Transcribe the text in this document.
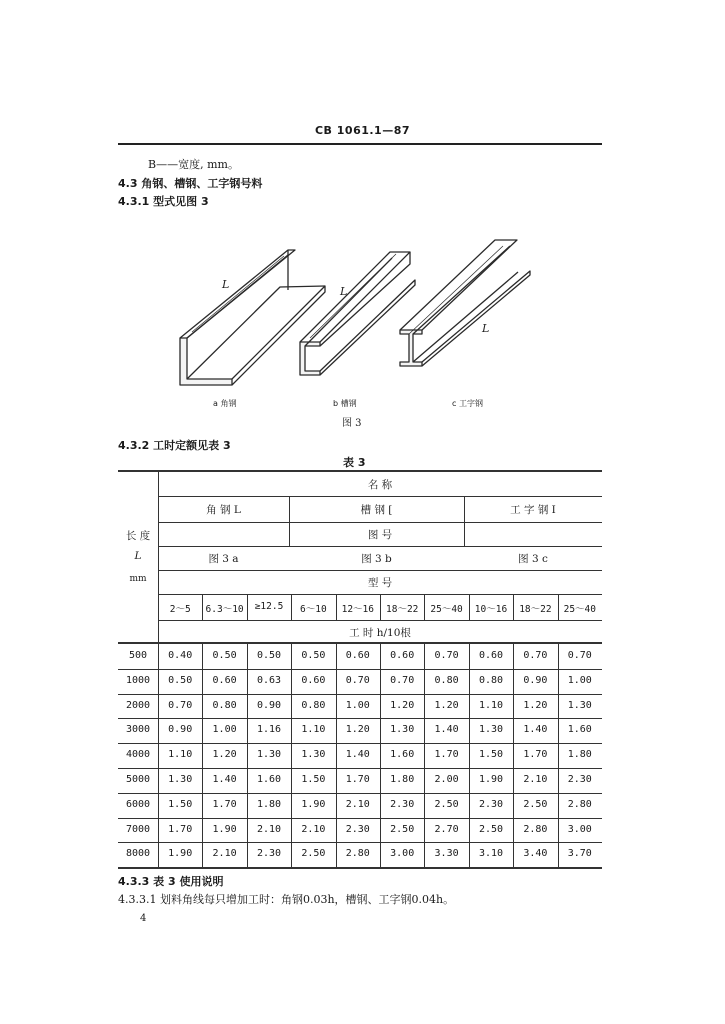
CB 1061.1—87
B——宽度, mm。
4.3 角钢、槽钢、工字钢号料
4.3.1 型式见图 3
L
L
L
a 角钢	b 槽钢	c 工字钢
图 3
4.3.2 工时定额见表 3
表 3
名 称
角 钢 L	槽 钢 [	工 字 钢 I
图 号
图 3 a	图 3 b	图 3 c
型 号
工 时 h/10根
长 度
L
mm
2～5	6.3～10	≥12.5	6～10	12～16	18～22	25～40	10～16	18～22	25～40
500	0.40	0.50	0.50	0.50	0.60	0.60	0.70	0.60	0.70	0.70
1000	0.50	0.60	0.63	0.60	0.70	0.70	0.80	0.80	0.90	1.00
2000	0.70	0.80	0.90	0.80	1.00	1.20	1.20	1.10	1.20	1.30
3000	0.90	1.00	1.16	1.10	1.20	1.30	1.40	1.30	1.40	1.60
4000	1.10	1.20	1.30	1.30	1.40	1.60	1.70	1.50	1.70	1.80
5000	1.30	1.40	1.60	1.50	1.70	1.80	2.00	1.90	2.10	2.30
6000	1.50	1.70	1.80	1.90	2.10	2.30	2.50	2.30	2.50	2.80
7000	1.70	1.90	2.10	2.10	2.30	2.50	2.70	2.50	2.80	3.00
8000	1.90	2.10	2.30	2.50	2.80	3.00	3.30	3.10	3.40	3.70
4.3.3 表 3 使用说明
4.3.3.1 划料角线每只增加工时：角钢0.03h，槽钢、工字钢0.04h。
4
